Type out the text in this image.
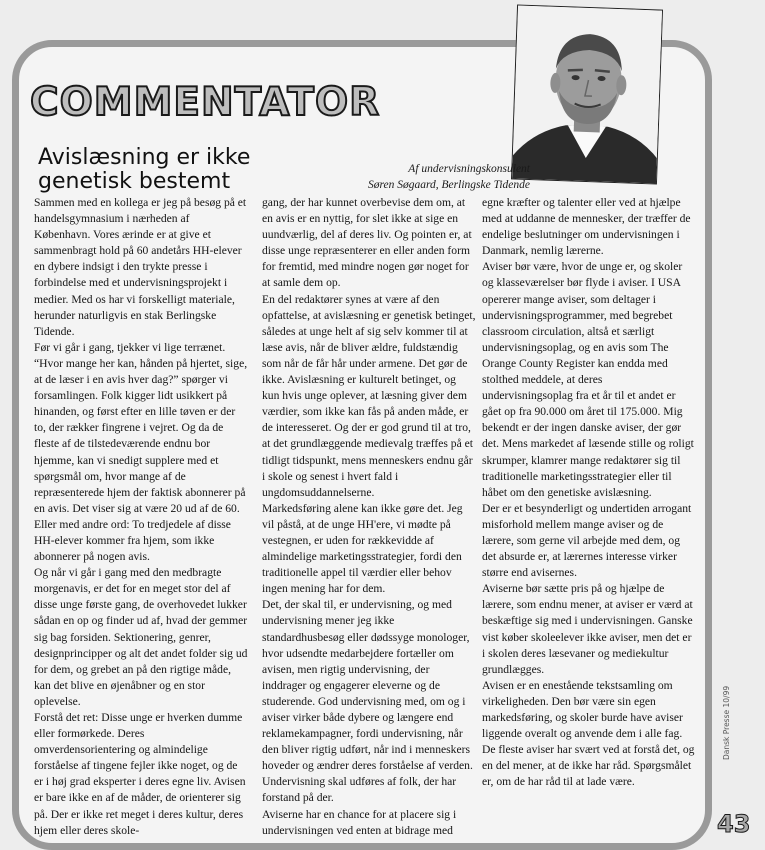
COMMENTATOR
Avislæsning er ikke genetisk bestemt	Af undervisningskonsulent
Søren Søgaard, Berlingske Tidende

Sammen med en kollega er jeg på besøg på et handelsgymnasium i nærheden af København. Vores ærinde er at give et sammenbragt hold på 60 andetårs HH-elever en dybere indsigt i den trykte presse i forbindelse med et undervisningsprojekt i medier. Med os har vi forskelligt materiale, herunder naturligvis en stak Berlingske Tidende.

Før vi går i gang, tjekker vi lige terrænet. “Hvor mange her kan, hånden på hjertet, sige, at de læser i en avis hver dag?” spørger vi forsamlingen. Folk kigger lidt usikkert på hinanden, og først efter en lille tøven er der to, der rækker fingrene i vejret. Og da de fleste af de tilstedeværende endnu bor hjemme, kan vi snedigt supplere med et spørgsmål om, hvor mange af de repræsenterede hjem der faktisk abonnerer på en avis. Det viser sig at være 20 ud af de 60. Eller med andre ord: To tredjedele af disse HH-elever kommer fra hjem, som ikke abonnerer på nogen avis.

Og når vi går i gang med den medbragte morgenavis, er det for en meget stor del af disse unge første gang, de overhovedet lukker sådan en op og finder ud af, hvad der gemmer sig bag forsiden. Sektionering, genrer, designprincipper og alt det andet folder sig ud for dem, og grebet an på den rigtige måde, kan det blive en øjenåbner og en stor oplevelse.

Forstå det ret: Disse unge er hverken dumme eller formørkede. Deres omverdensorientering og almindelige forståelse af tingene fejler ikke noget, og de er i høj grad eksperter i deres egne liv. Avisen er bare ikke en af de måder, de orienterer sig på. Der er ikke ret meget i deres kultur, deres hjem eller deres skole-

gang, der har kunnet overbevise dem om, at en avis er en nyttig, for slet ikke at sige en uundværlig, del af deres liv. Og pointen er, at disse unge repræsenterer en eller anden form for fremtid, med mindre nogen gør noget for at samle dem op.

En del redaktører synes at være af den opfattelse, at avislæsning er genetisk betinget, således at unge helt af sig selv kommer til at læse avis, når de bliver ældre, fuldstændig som når de får hår under armene. Det gør de ikke. Avislæsning er kulturelt betinget, og kun hvis unge oplever, at læsning giver dem værdier, som ikke kan fås på anden måde, er de interesseret. Og der er god grund til at tro, at det grundlæggende medievalg træffes på et tidligt tidspunkt, mens menneskers endnu går i skole og senest i hvert fald i ungdomsuddannelserne.

Markedsføring alene kan ikke gøre det. Jeg vil påstå, at de unge HH'ere, vi mødte på vestegnen, er uden for rækkevidde af almindelige marketingsstrategier, fordi den traditionelle appel til værdier eller behov ingen mening har for dem.

Det, der skal til, er undervisning, og med undervisning mener jeg ikke standardhusbesøg eller dødssyge monologer, hvor udsendte medarbejdere fortæller om avisen, men rigtig undervisning, der inddrager og engagerer eleverne og de studerende. God undervisning med, om og i aviser virker både dybere og længere end reklamekampagner, fordi undervisning, når den bliver rigtig udført, når ind i menneskers hoveder og ændrer deres forståelse af verden. Undervisning skal udføres af folk, der har forstand på der.

Aviserne har en chance for at placere sig i undervisningen ved enten at bidrage med

egne kræfter og talenter eller ved at hjælpe med at uddanne de mennesker, der træffer de endelige beslutninger om undervisningen i Danmark, nemlig lærerne.

Aviser bør være, hvor de unge er, og skoler og klasseværelser bør flyde i aviser. I USA opererer mange aviser, som deltager i undervisningsprogrammer, med begrebet classroom circulation, altså et særligt undervisningsoplag, og en avis som The Orange County Register kan endda med stolthed meddele, at deres undervisningsoplag fra et år til et andet er gået op fra 90.000 om året til 175.000. Mig bekendt er der ingen danske aviser, der gør det. Mens markedet af læsende stille og roligt skrumper, klamrer mange redaktører sig til traditionelle marketingsstrategier eller til håbet om den genetiske avislæsning.

Der er et besynderligt og undertiden arrogant misforhold mellem mange aviser og de lærere, som gerne vil arbejde med dem, og det absurde er, at lærernes interesse virker større end avisernes.

Aviserne bør sætte pris på og hjælpe de lærere, som endnu mener, at aviser er værd at beskæftige sig med i undervisningen. Ganske vist køber skoleelever ikke aviser, men det er i skolen deres læsevaner og mediekultur grundlægges.

Avisen er en enestående tekstsamling om virkeligheden. Den bør være sin egen markedsføring, og skoler burde have aviser liggende overalt og anvende dem i alle fag. De fleste aviser har svært ved at forstå det, og en del mener, at de ikke har råd. Spørgsmålet er, om de har råd til at lade være.

Dansk Presse 10/99

43
